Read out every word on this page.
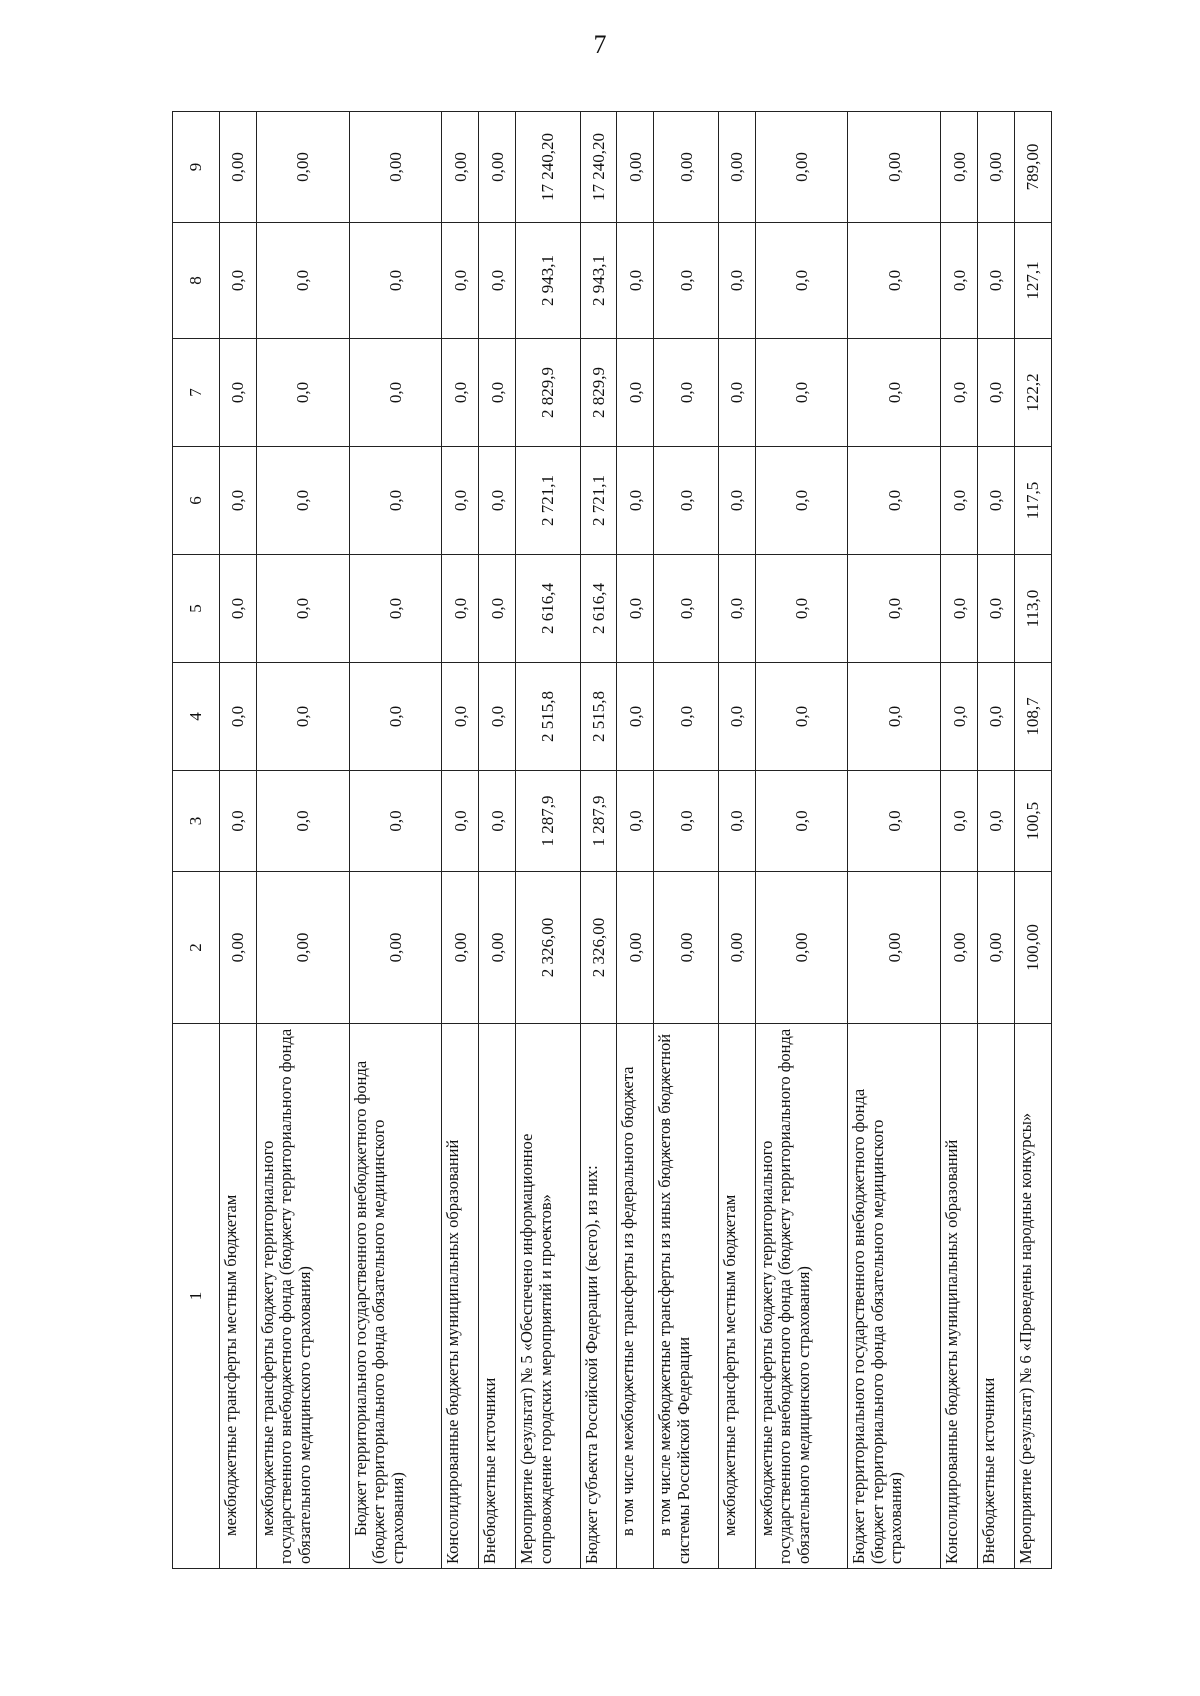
7
1	2	3	4	5	6	7	8	9
межбюджетные трансферты местным бюджетам	0,00	0,0	0,0	0,0	0,0	0,0	0,0	0,00
межбюджетные трансферты бюджету территориального государственного внебюджетного фонда (бюджету территориального фонда обязательного медицинского страхования)	0,00	0,0	0,0	0,0	0,0	0,0	0,0	0,00
Бюджет территориального государственного внебюджетного фонда (бюджет территориального фонда обязательного медицинского страхования)	0,00	0,0	0,0	0,0	0,0	0,0	0,0	0,00
Консолидированные бюджеты муниципальных образований	0,00	0,0	0,0	0,0	0,0	0,0	0,0	0,00
Внебюджетные источники	0,00	0,0	0,0	0,0	0,0	0,0	0,0	0,00
Мероприятие (результат) № 5 «Обеспечено информационное сопровождение городских мероприятий и проектов»	2 326,00	1 287,9	2 515,8	2 616,4	2 721,1	2 829,9	2 943,1	17 240,20
Бюджет субъекта Российской Федерации (всего), из них:	2 326,00	1 287,9	2 515,8	2 616,4	2 721,1	2 829,9	2 943,1	17 240,20
в том числе межбюджетные трансферты из федерального бюджета	0,00	0,0	0,0	0,0	0,0	0,0	0,0	0,00
в том числе межбюджетные трансферты из иных бюджетов бюджетной системы Российской Федерации	0,00	0,0	0,0	0,0	0,0	0,0	0,0	0,00
межбюджетные трансферты местным бюджетам	0,00	0,0	0,0	0,0	0,0	0,0	0,0	0,00
межбюджетные трансферты бюджету территориального государственного внебюджетного фонда (бюджету территориального фонда обязательного медицинского страхования)	0,00	0,0	0,0	0,0	0,0	0,0	0,0	0,00
Бюджет территориального государственного внебюджетного фонда (бюджет территориального фонда обязательного медицинского страхования)	0,00	0,0	0,0	0,0	0,0	0,0	0,0	0,00
Консолидированные бюджеты муниципальных образований	0,00	0,0	0,0	0,0	0,0	0,0	0,0	0,00
Внебюджетные источники	0,00	0,0	0,0	0,0	0,0	0,0	0,0	0,00
Мероприятие (результат) № 6 «Проведены народные конкурсы»	100,00	100,5	108,7	113,0	117,5	122,2	127,1	789,00
